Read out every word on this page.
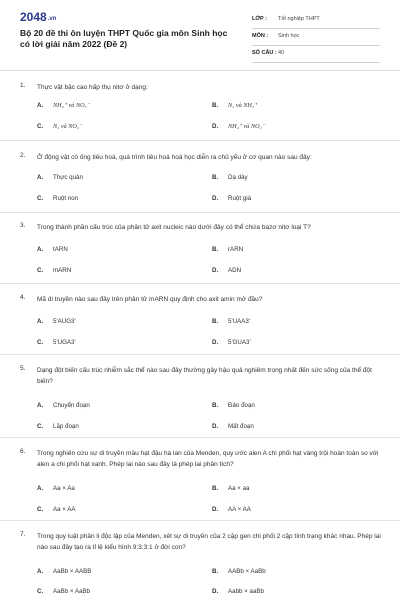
2048.vn
Bộ 20 đề thi ôn luyện THPT Quốc gia môn Sinh học có lời giải năm 2022 (Đề 2)
LỚP : Tốt nghiệp THPT
MÔN : Sinh học
SỐ CÂU : 40
1. Thực vật bậc cao hấp thụ nitơ ở dạng:
A. NH₄⁺ và NO₃⁻	B. N₂ và NH₄⁺
C. N₂ và NO₃⁻	D. NH₄⁺ và NO₂⁻
2. Ở động vật có ống tiêu hoá, quá trình tiêu hoá hoá học diễn ra chủ yếu ở cơ quan nào sau đây:
A. Thực quản	B. Dạ dày
C. Ruột non	D. Ruột già
3. Trong thành phần cấu trúc của phân tử axit nucleic nào dưới đây có thể chứa bazơ nitơ loại T?
A. tARN	B. rARN
C. mARN	D. ADN
4. Mã di truyền nào sau đây trên phân tử mARN quy định cho axit amin mở đầu?
A. 5'AUG3'	B. 5'UAA3'
C. 5'UGA3'	D. 5'GUA3'
5. Dạng đột biến cấu trúc nhiễm sắc thể nào sau đây thường gây hậu quả nghiêm trọng nhất đến sức sống của thể đột biến?
A. Chuyển đoạn	B. Đảo đoạn
C. Lặp đoạn	D. Mất đoạn
6. Trong nghiên cứu sự di truyền màu hạt đậu hà lan của Menden, quy ước alen A chi phối hạt vàng trội hoàn toàn so với alen a chi phối hạt xanh. Phép lai nào sau đây là phép lai phân tích?
A. Aa × Aa	B. Aa × aa
C. Aa × AA	D. AA × AA
7. Trong quy luật phân li độc lập của Menden, xét sự di truyền của 2 cặp gen chi phối 2 cặp tính trạng khác nhau. Phép lai nào sau đây tạo ra tỉ lệ kiểu hình 9:3:3:1 ở đời con?
A. AaBb × AABB	B. AABb × AaBb
C. AaBb × AaBb	D. Aabb × aaBb
